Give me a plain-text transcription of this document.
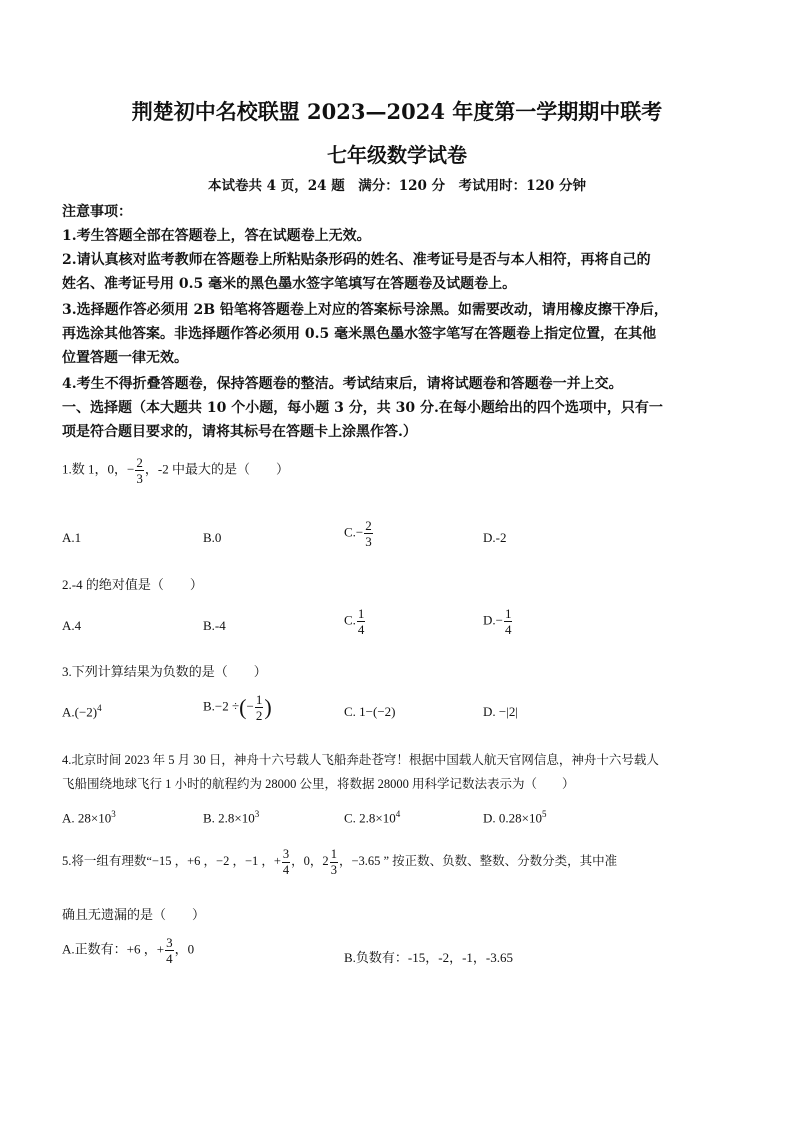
荆楚初中名校联盟 2023—2024 年度第一学期期中联考
七年级数学试卷
本试卷共 4 页，24 题　满分：120 分　考试用时：120 分钟
注意事项：
1.考生答题全部在答题卷上，答在试题卷上无效。
2.请认真核对监考教师在答题卷上所粘贴条形码的姓名、准考证号是否与本人相符，再将自己的
姓名、准考证号用 0.5 毫米的黑色墨水签字笔填写在答题卷及试题卷上。
3.选择题作答必须用 2B 铅笔将答题卷上对应的答案标号涂黑。如需要改动，请用橡皮擦干净后，
再选涂其他答案。非选择题作答必须用 0.5 毫米黑色墨水签字笔写在答题卷上指定位置，在其他
位置答题一律无效。
4.考生不得折叠答题卷，保持答题卷的整洁。考试结束后，请将试题卷和答题卷一并上交。
一、选择题（本大题共 10 个小题，每小题 3 分，共 30 分.在每小题给出的四个选项中，只有一
项是符合题目要求的，请将其标号在答题卡上涂黑作答.）
1.数 1，0，− $\frac{2}{3}$ ，-2 中最大的是（　　）
A.1	B.0	$C.- \frac{2}{3}$	D.-2
2.-4 的绝对值是（　　）
A.4	B.-4	C. $\frac{1}{4}$	$D.- \frac{1}{4}$
3.下列计算结果为负数的是（　　）
$A.(-2)^4$	B.−2 ÷(− $\frac{1}{2}$ )	C. 1−(−2)	D. −|2|
4.北京时间 2023 年 5 月 30 日，神舟十六号载人飞船奔赴苍穹！根据中国载人航天官网信息，神舟十六号载人
飞船围绕地球飞行 1 小时的航程约为 28000 公里，将数据 28000 用科学记数法表示为（　　）
A. $28\times 10^3$	B. $2.8\times 10^3$	C. $2.8\times 10^4$	D. $0.28\times 10^5$
5.将一组有理数“−15 ，+6 ，−2 ，−1 ，+ $\frac{3}{4}$ ，0，$2 \frac{1}{3}$ ，−3.65 ” 按正数、负数、整数、分数分类，其中准
确且无遗漏的是（　　）
A.正数有：+6 ，+ $\frac{3}{4}$ ，0
B.负数有：-15，-2，-1，-3.65
